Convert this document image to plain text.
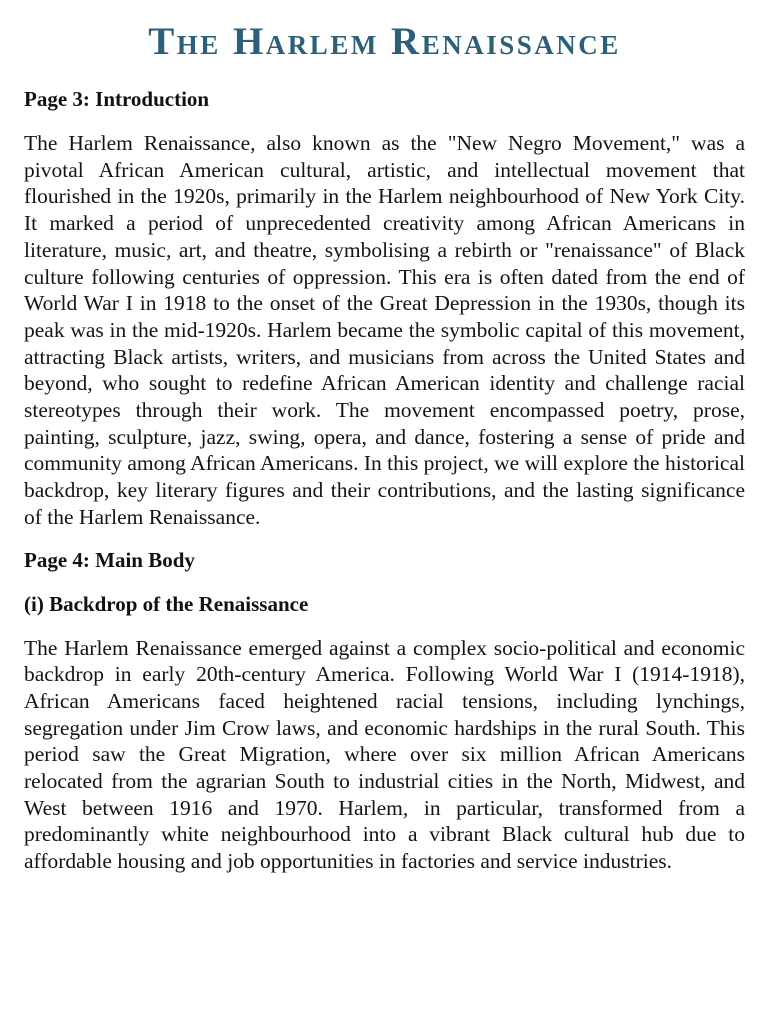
The Harlem Renaissance
Page 3: Introduction

The Harlem Renaissance, also known as the "New Negro Movement," was a pivotal African American cultural, artistic, and intellectual movement that flourished in the 1920s, primarily in the Harlem neighbourhood of New York City. It marked a period of unprecedented creativity among African Americans in literature, music, art, and theatre, symbolising a rebirth or "renaissance" of Black culture following centuries of oppression. This era is often dated from the end of World War I in 1918 to the onset of the Great Depression in the 1930s, though its peak was in the mid-1920s. Harlem became the symbolic capital of this movement, attracting Black artists, writers, and musicians from across the United States and beyond, who sought to redefine African American identity and challenge racial stereotypes through their work. The movement encompassed poetry, prose, painting, sculpture, jazz, swing, opera, and dance, fostering a sense of pride and community among African Americans. In this project, we will explore the historical backdrop, key literary figures and their contributions, and the lasting significance of the Harlem Renaissance.

Page 4: Main Body
(i) Backdrop of the Renaissance

The Harlem Renaissance emerged against a complex socio-political and economic backdrop in early 20th-century America. Following World War I (1914-1918), African Americans faced heightened racial tensions, including lynchings, segregation under Jim Crow laws, and economic hardships in the rural South. This period saw the Great Migration, where over six million African Americans relocated from the agrarian South to industrial cities in the North, Midwest, and West between 1916 and 1970. Harlem, in particular, transformed from a predominantly white neighbourhood into a vibrant Black cultural hub due to affordable housing and job opportunities in factories and service industries.
